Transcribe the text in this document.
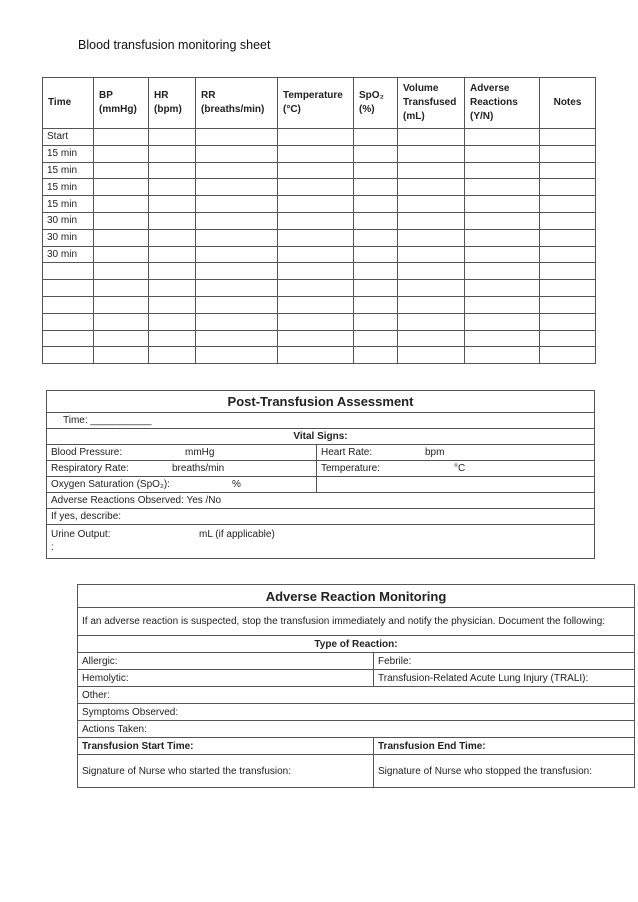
Blood transfusion monitoring sheet
Time	BP (mmHg)	HR (bpm)	RR (breaths/min)	Temperature (°C)	SpO₂ (%)	Volume Transfused (mL)	Adverse Reactions (Y/N)	Notes
Start								
15 min								
15 min								
15 min								
15 min								
30 min								
30 min								
30 min								

Post-Transfusion Assessment	
Time: ___________	
Vital Signs:	
Blood Pressure: mmHg	Heart Rate: bpm
Respiratory Rate: breaths/min	Temperature: °C
Oxygen Saturation (SpO₂): %	
Adverse Reactions Observed: Yes /No	
If yes, describe:	
Urine Output: mL (if applicable)
:	
Adverse Reaction Monitoring	
If an adverse reaction is suspected, stop the transfusion immediately and notify the physician. Document the following:	
Type of Reaction:	
Allergic:	Febrile:
Hemolytic:	Transfusion-Related Acute Lung Injury (TRALI):
Other:	
Symptoms Observed:	
Actions Taken:	
Transfusion Start Time:	Transfusion End Time:
Signature of Nurse who started the transfusion:	Signature of Nurse who stopped the transfusion:
